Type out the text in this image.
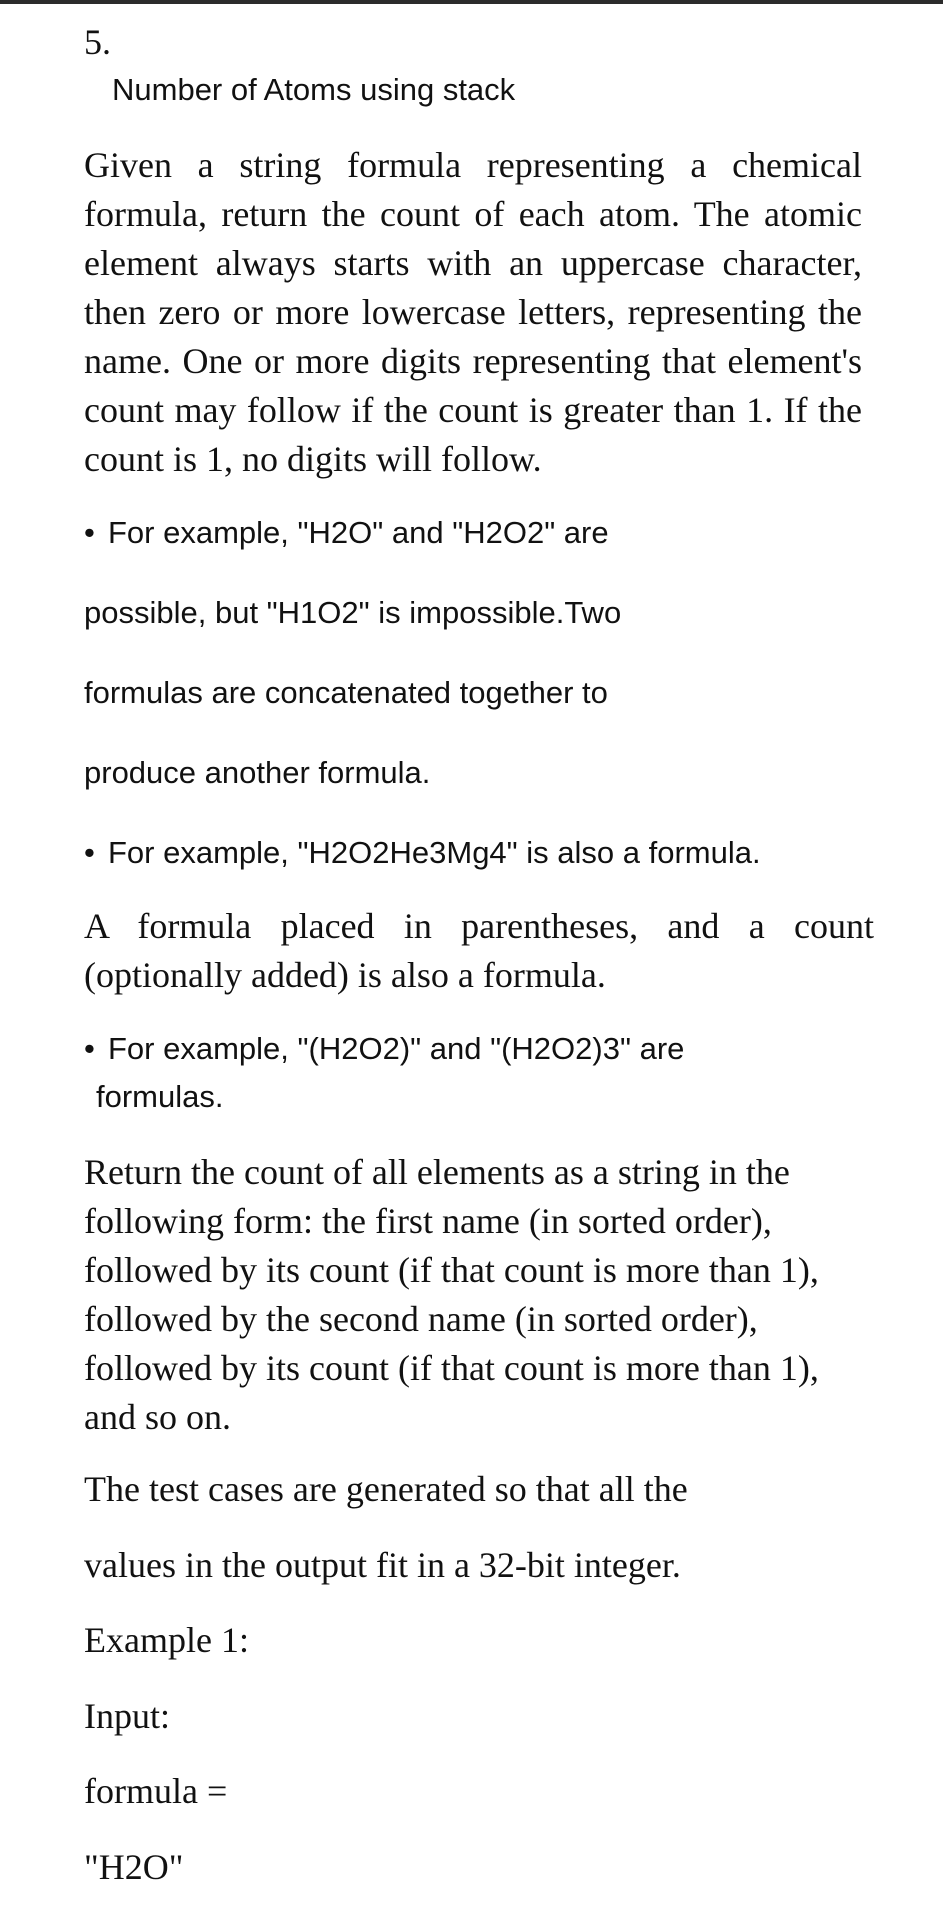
5.

Number of Atoms using stack

Given a string formula representing a chemical
formula, return the count of each atom. The atomic
element always starts with an uppercase character,
then zero or more lowercase letters, representing the
name. One or more digits representing that element's
count may follow if the count is greater than 1. If the
count is 1, no digits will follow.
• For example, "H2O" and "H2O2" are

possible, but "H1O2" is impossible.Two

formulas are concatenated together to

produce another formula.

• For example, "H2O2He3Mg4" is also a formula.
A formula placed in parentheses, and a count
(optionally added) is also a formula.
• For example, "(H2O2)" and "(H2O2)3" are

formulas.

Return the count of all elements as a string in the
following form: the first name (in sorted order),
followed by its count (if that count is more than 1),
followed by the second name (in sorted order),
followed by its count (if that count is more than 1),
and so on.

The test cases are generated so that all the

values in the output fit in a 32-bit integer.

Example 1:

Input:

formula =

"H2O"
